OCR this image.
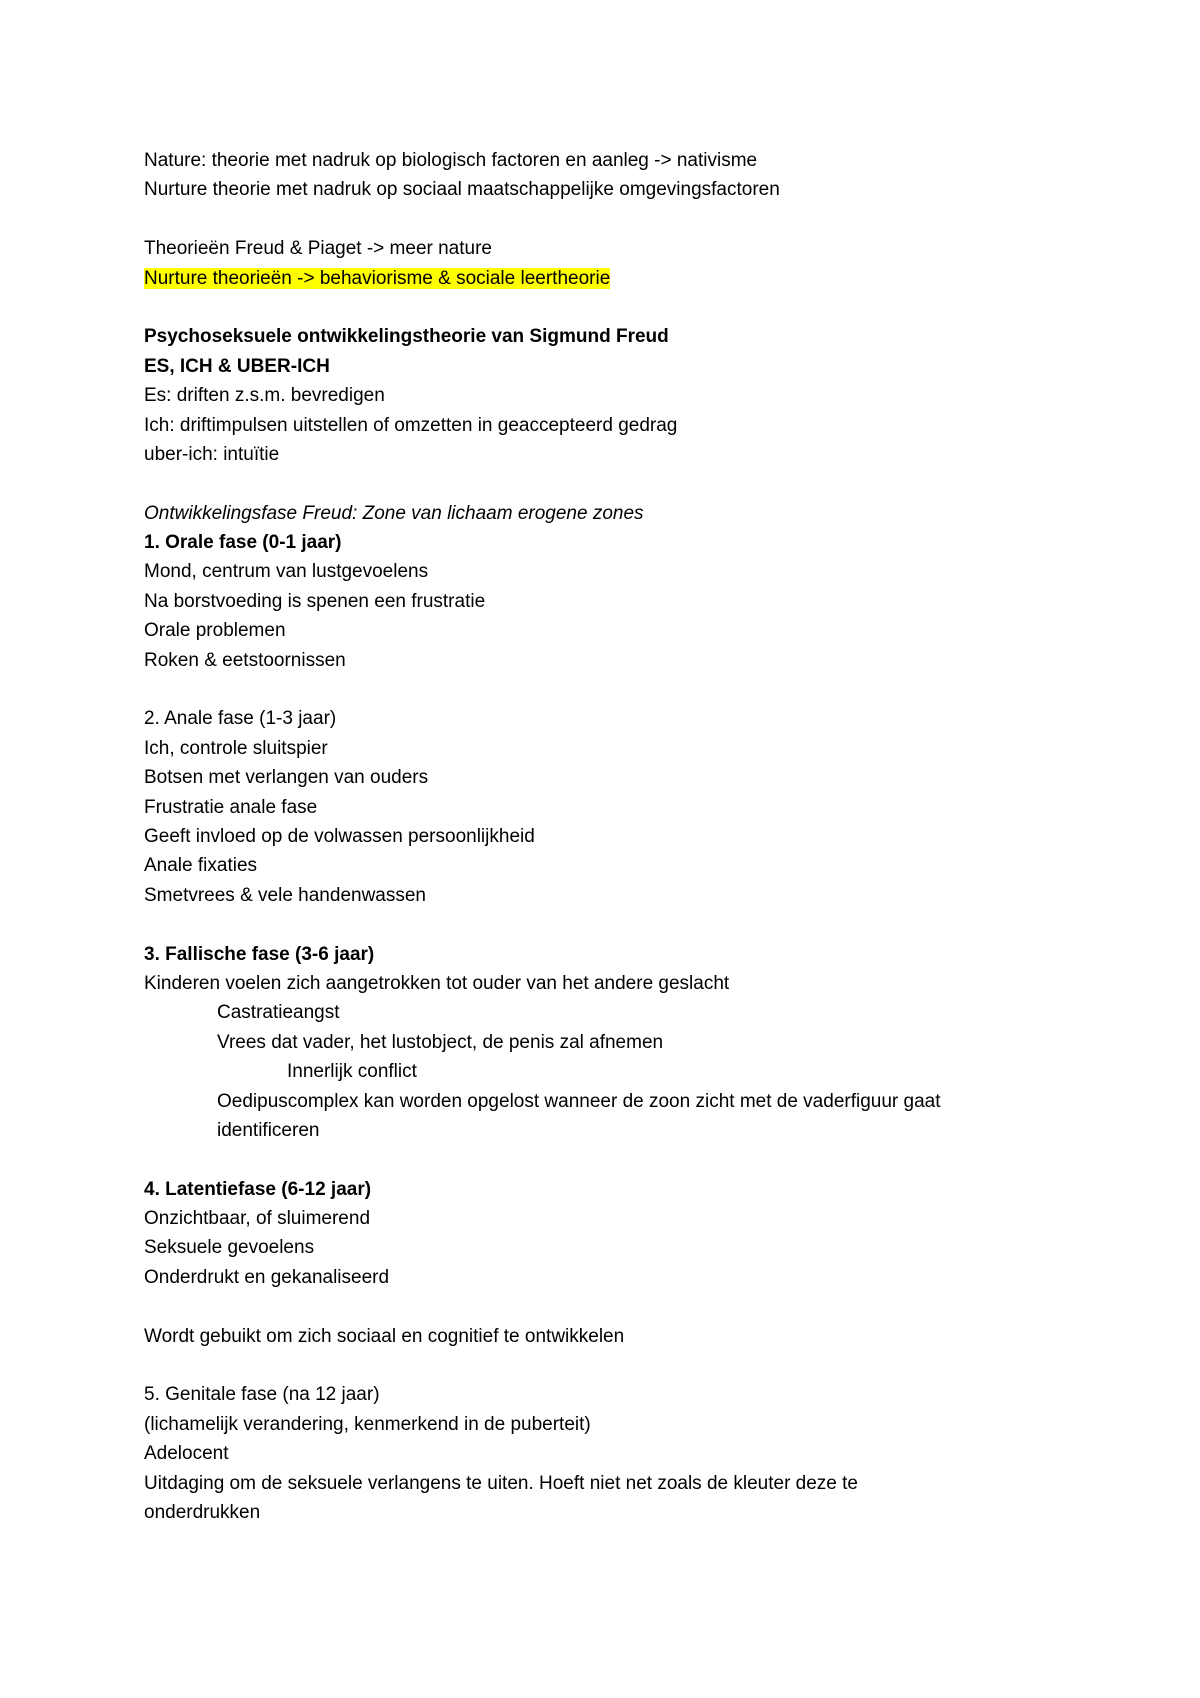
Nature: theorie met nadruk op biologisch factoren en aanleg -> nativisme
Nurture theorie met nadruk op sociaal maatschappelijke omgevingsfactoren
Theorieën Freud & Piaget -> meer nature
Nurture theorieën -> behaviorisme & sociale leertheorie
Psychoseksuele ontwikkelingstheorie van Sigmund Freud
ES, ICH & UBER-ICH
Es: driften z.s.m. bevredigen
Ich: driftimpulsen uitstellen of omzetten in geaccepteerd gedrag
uber-ich: intuïtie
Ontwikkelingsfase Freud: Zone van lichaam erogene zones
1. Orale fase (0-1 jaar)
Mond, centrum van lustgevoelens
Na borstvoeding is spenen een frustratie
Orale problemen
Roken & eetstoornissen
2. Anale fase (1-3 jaar)
Ich, controle sluitspier
Botsen met verlangen van ouders
Frustratie anale fase
Geeft invloed op de volwassen persoonlijkheid
Anale fixaties
Smetvrees & vele handenwassen
3. Fallische fase (3-6 jaar)
Kinderen voelen zich aangetrokken tot ouder van het andere geslacht
Castratieangst
Vrees dat vader, het lustobject, de penis zal afnemen
Innerlijk conflict
Oedipuscomplex kan worden opgelost wanneer de zoon zicht met de vaderfiguur gaat
identificeren
4. Latentiefase (6-12 jaar)
Onzichtbaar, of sluimerend
Seksuele gevoelens
Onderdrukt en gekanaliseerd
Wordt gebuikt om zich sociaal en cognitief te ontwikkelen
5. Genitale fase (na 12 jaar)
(lichamelijk verandering, kenmerkend in de puberteit)
Adelocent
Uitdaging om de seksuele verlangens te uiten. Hoeft niet net zoals de kleuter deze te
onderdrukken
